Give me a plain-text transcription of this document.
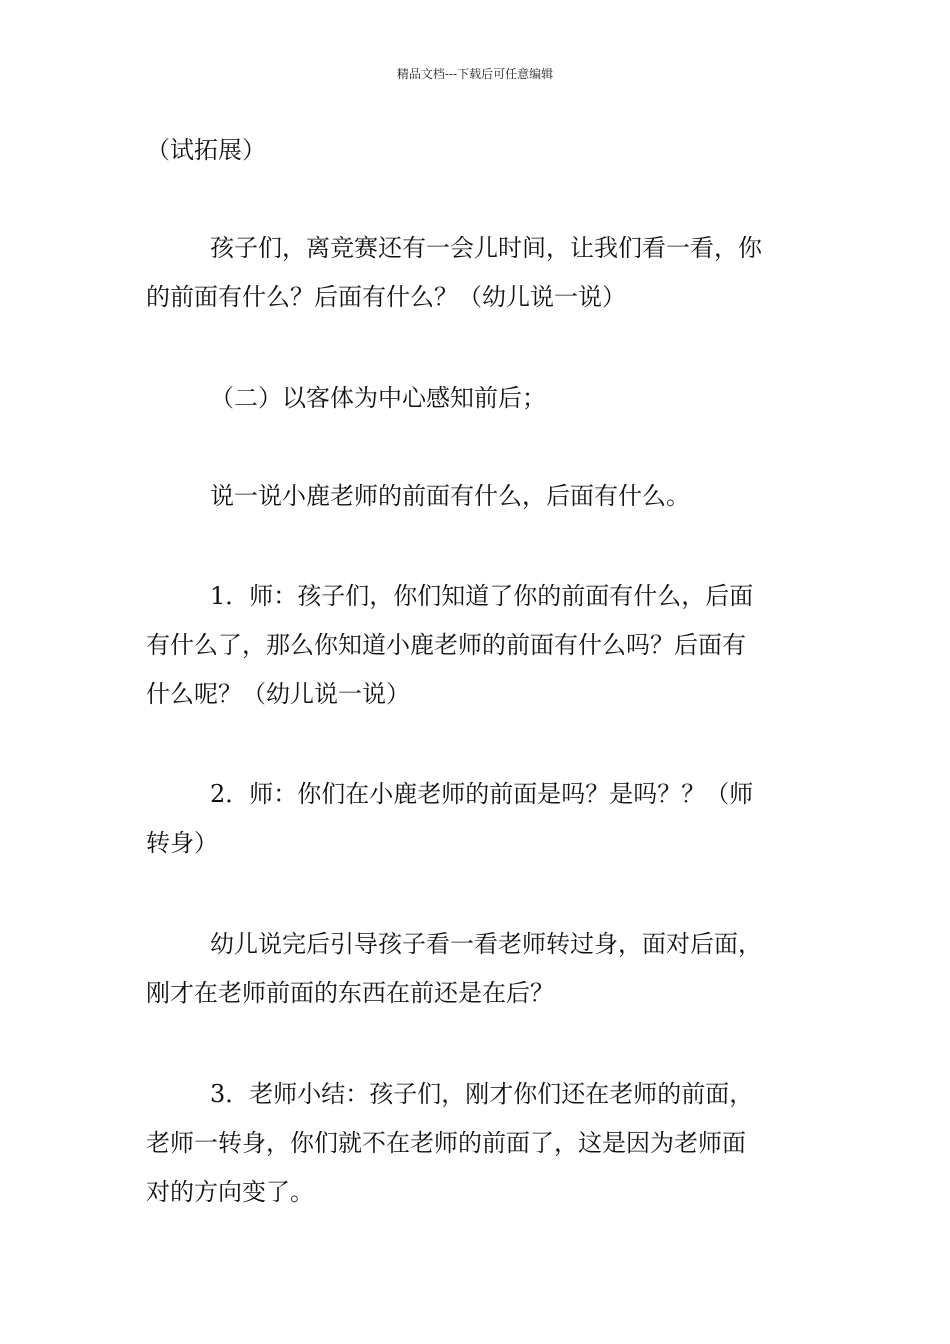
精品文档---下载后可任意编辑
（试拓展）
孩子们，离竞赛还有一会儿时间，让我们看一看，你
的前面有什么？后面有什么？（幼儿说一说）
（二）以客体为中心感知前后；
说一说小鹿老师的前面有什么，后面有什么。
1．师：孩子们，你们知道了你的前面有什么，后面
有什么了，那么你知道小鹿老师的前面有什么吗？后面有
什么呢？（幼儿说一说）
2．师：你们在小鹿老师的前面是吗？是吗？？（师
转身）
幼儿说完后引导孩子看一看老师转过身，面对后面，
刚才在老师前面的东西在前还是在后？
3．老师小结：孩子们，刚才你们还在老师的前面，
老师一转身，你们就不在老师的前面了，这是因为老师面
对的方向变了。
